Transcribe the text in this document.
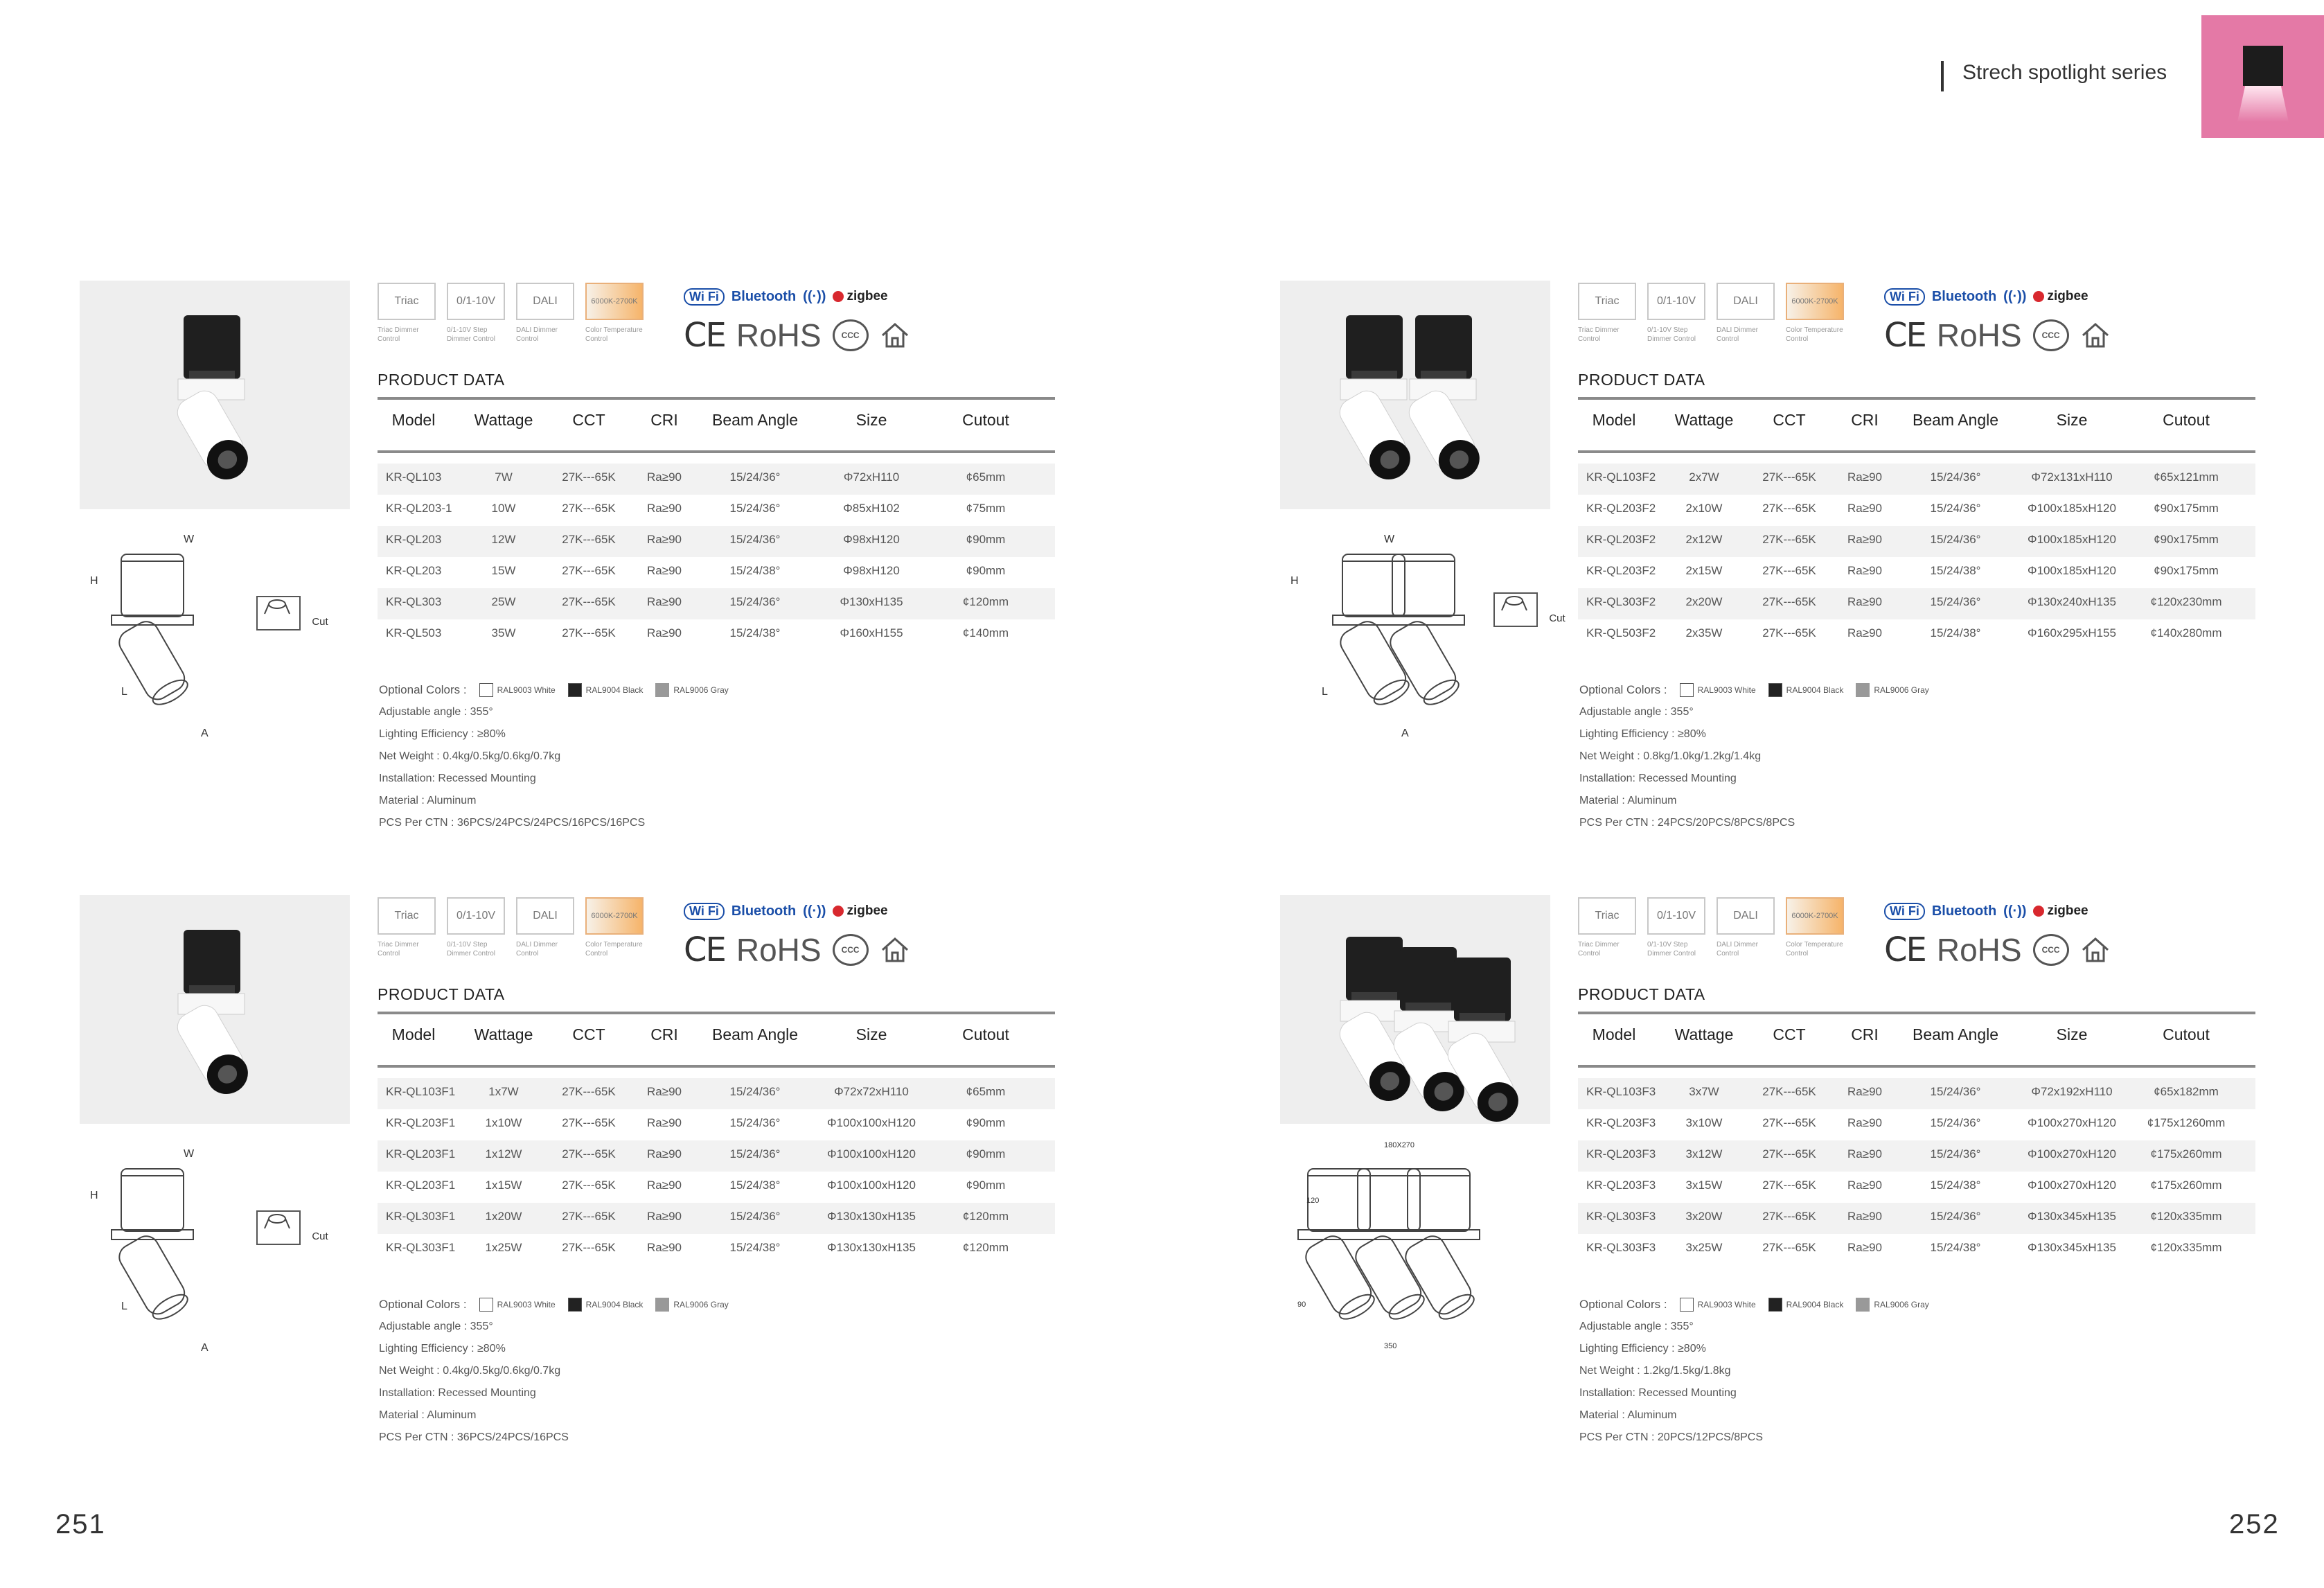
Strech spotlight series
251	252
W
H
L
A
Cut
Triac
Triac Dimmer Control
0/1-10V
0/1-10V Step Dimmer Control
DALI
DALI Dimmer Control
6000K-2700K
Color Temperature Control
Wi Fi Bluetooth ((·))	zigbee
CE RoHS	CCC
PRODUCT DATA
Model Wattage CCT	CRI Beam Angle	Size	Cutout
KR-QL103	7W	27K---65K	Ra≥90	15/24/36°	Φ72xH110	¢65mm
KR-QL203-1	10W	27K---65K	Ra≥90	15/24/36°	Φ85xH102	¢75mm
KR-QL203	12W	27K---65K	Ra≥90	15/24/36°	Φ98xH120	¢90mm
KR-QL203	15W	27K---65K	Ra≥90	15/24/38°	Φ98xH120	¢90mm
KR-QL303	25W	27K---65K	Ra≥90	15/24/36°	Φ130xH135	¢120mm
KR-QL503	35W	27K---65K	Ra≥90	15/24/38°	Φ160xH155	¢140mm
Optional Colors :	RAL9003 White	RAL9004 Black	RAL9006 Gray
Adjustable angle : 355°
Lighting Efficiency : ≥80%
Net Weight : 0.4kg/0.5kg/0.6kg/0.7kg
Installation: Recessed Mounting
Material : Aluminum
PCS Per CTN : 36PCS/24PCS/24PCS/16PCS/16PCS
W
H
L
A
Cut
Triac
Triac Dimmer Control
0/1-10V
0/1-10V Step Dimmer Control
DALI
DALI Dimmer Control
6000K-2700K
Color Temperature Control
Wi Fi Bluetooth ((·))	zigbee
CE RoHS	CCC
PRODUCT DATA
Model Wattage CCT	CRI Beam Angle	Size	Cutout
KR-QL103F2	2x7W	27K---65K	Ra≥90	15/24/36°	Φ72x131xH110	¢65x121mm
KR-QL203F2	2x10W	27K---65K	Ra≥90	15/24/36°	Φ100x185xH120	¢90x175mm
KR-QL203F2	2x12W	27K---65K	Ra≥90	15/24/36°	Φ100x185xH120	¢90x175mm
KR-QL203F2	2x15W	27K---65K	Ra≥90	15/24/38°	Φ100x185xH120	¢90x175mm
KR-QL303F2	2x20W	27K---65K	Ra≥90	15/24/36°	Φ130x240xH135	¢120x230mm
KR-QL503F2	2x35W	27K---65K	Ra≥90	15/24/38°	Φ160x295xH155	¢140x280mm
Optional Colors :	RAL9003 White	RAL9004 Black	RAL9006 Gray
Adjustable angle : 355°
Lighting Efficiency : ≥80%
Net Weight : 0.8kg/1.0kg/1.2kg/1.4kg
Installation: Recessed Mounting
Material : Aluminum
PCS Per CTN : 24PCS/20PCS/8PCS/8PCS
W
H
L
A
Cut
Triac
Triac Dimmer Control
0/1-10V
0/1-10V Step Dimmer Control
DALI
DALI Dimmer Control
6000K-2700K
Color Temperature Control
Wi Fi Bluetooth ((·))	zigbee
CE RoHS	CCC
PRODUCT DATA
Model Wattage CCT	CRI Beam Angle	Size	Cutout
KR-QL103F1	1x7W	27K---65K	Ra≥90	15/24/36°	Φ72x72xH110	¢65mm
KR-QL203F1	1x10W	27K---65K	Ra≥90	15/24/36°	Φ100x100xH120	¢90mm
KR-QL203F1	1x12W	27K---65K	Ra≥90	15/24/36°	Φ100x100xH120	¢90mm
KR-QL203F1	1x15W	27K---65K	Ra≥90	15/24/38°	Φ100x100xH120	¢90mm
KR-QL303F1	1x20W	27K---65K	Ra≥90	15/24/36°	Φ130x130xH135	¢120mm
KR-QL303F1	1x25W	27K---65K	Ra≥90	15/24/38°	Φ130x130xH135	¢120mm
Optional Colors :	RAL9003 White	RAL9004 Black	RAL9006 Gray
Adjustable angle : 355°
Lighting Efficiency : ≥80%
Net Weight : 0.4kg/0.5kg/0.6kg/0.7kg
Installation: Recessed Mounting
Material : Aluminum
PCS Per CTN : 36PCS/24PCS/16PCS
180X270
120
90
350
Triac
Triac Dimmer Control
0/1-10V
0/1-10V Step Dimmer Control
DALI
DALI Dimmer Control
6000K-2700K
Color Temperature Control
Wi Fi Bluetooth ((·))	zigbee
CE RoHS	CCC
PRODUCT DATA
Model Wattage CCT	CRI Beam Angle	Size	Cutout
KR-QL103F3	3x7W	27K---65K	Ra≥90	15/24/36°	Φ72x192xH110	¢65x182mm
KR-QL203F3	3x10W	27K---65K	Ra≥90	15/24/36°	Φ100x270xH120	¢175x1260mm
KR-QL203F3	3x12W	27K---65K	Ra≥90	15/24/36°	Φ100x270xH120	¢175x260mm
KR-QL203F3	3x15W	27K---65K	Ra≥90	15/24/38°	Φ100x270xH120	¢175x260mm
KR-QL303F3	3x20W	27K---65K	Ra≥90	15/24/36°	Φ130x345xH135	¢120x335mm
KR-QL303F3	3x25W	27K---65K	Ra≥90	15/24/38°	Φ130x345xH135	¢120x335mm
Optional Colors :	RAL9003 White	RAL9004 Black	RAL9006 Gray
Adjustable angle : 355°
Lighting Efficiency : ≥80%
Net Weight : 1.2kg/1.5kg/1.8kg
Installation: Recessed Mounting
Material : Aluminum
PCS Per CTN : 20PCS/12PCS/8PCS
